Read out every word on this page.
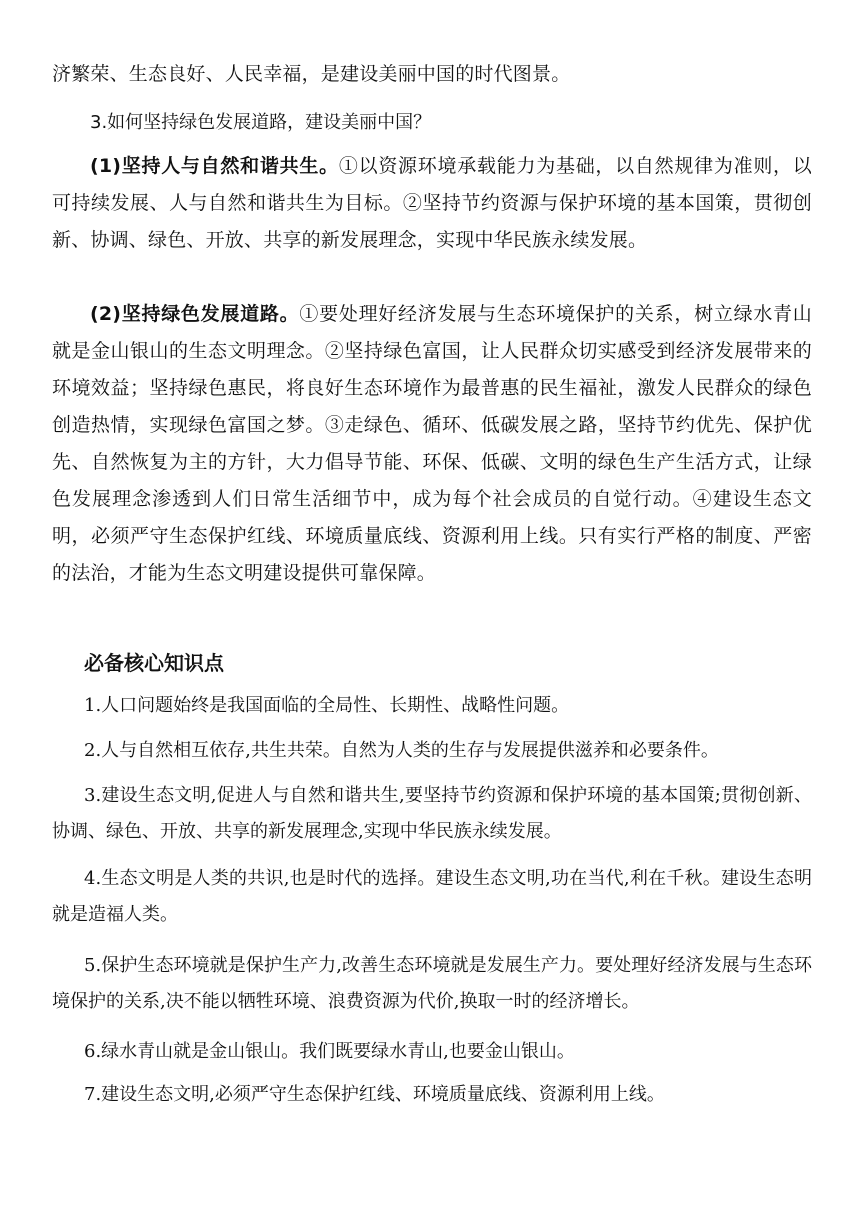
济繁荣、生态良好、人民幸福，是建设美丽中国的时代图景。

3.如何坚持绿色发展道路，建设美丽中国？

(1)坚持人与自然和谐共生。①以资源环境承载能力为基础，以自然规律为准则，以可持续发展、人与自然和谐共生为目标。②坚持节约资源与保护环境的基本国策，贯彻创新、协调、绿色、开放、共享的新发展理念，实现中华民族永续发展。

(2)坚持绿色发展道路。①要处理好经济发展与生态环境保护的关系，树立绿水青山就是金山银山的生态文明理念。②坚持绿色富国，让人民群众切实感受到经济发展带来的环境效益；坚持绿色惠民，将良好生态环境作为最普惠的民生福祉，激发人民群众的绿色创造热情，实现绿色富国之梦。③走绿色、循环、低碳发展之路，坚持节约优先、保护优先、自然恢复为主的方针，大力倡导节能、环保、低碳、文明的绿色生产生活方式，让绿色发展理念渗透到人们日常生活细节中，成为每个社会成员的自觉行动。④建设生态文明，必须严守生态保护红线、环境质量底线、资源利用上线。只有实行严格的制度、严密的法治，才能为生态文明建设提供可靠保障。

必备核心知识点

1.人口问题始终是我国面临的全局性、长期性、战略性问题。

2.人与自然相互依存,共生共荣。自然为人类的生存与发展提供滋养和必要条件。

3.建设生态文明,促进人与自然和谐共生,要坚持节约资源和保护环境的基本国策;贯彻创新、协调、绿色、开放、共享的新发展理念,实现中华民族永续发展。

4.生态文明是人类的共识,也是时代的选择。建设生态文明,功在当代,利在千秋。建设生态明就是造福人类。

5.保护生态环境就是保护生产力,改善生态环境就是发展生产力。要处理好经济发展与生态环境保护的关系,决不能以牺牲环境、浪费资源为代价,换取一时的经济增长。

6.绿水青山就是金山银山。我们既要绿水青山,也要金山银山。

7.建设生态文明,必须严守生态保护红线、环境质量底线、资源利用上线。
